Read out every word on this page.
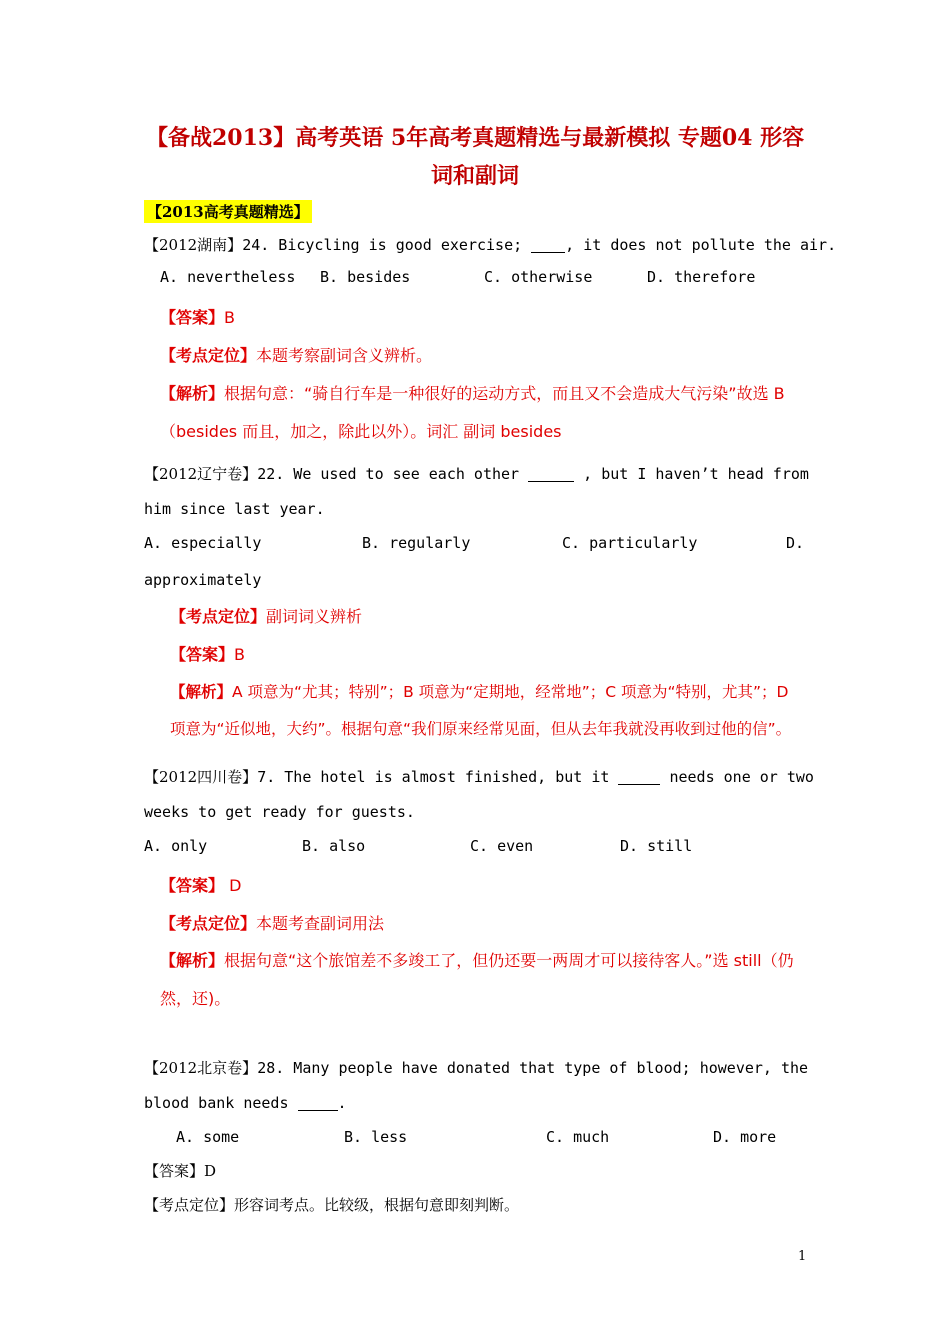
【备战2013】高考英语 5年高考真题精选与最新模拟 专题04 形容
词和副词
【2013高考真题精选】
【2012湖南】24. Bicycling is good exercise; , it does not pollute the air.
A. nevertheless B. besides	C. otherwise	D. therefore
【答案】B
【考点定位】本题考察副词含义辨析。
【解析】根据句意：“骑自行车是一种很好的运动方式，而且又不会造成大气污染”故选 B
（besides 而且，加之，除此以外）。词汇 副词 besides
【2012辽宁卷】22. We used to see each other	, but I haven’t head from
him since last year.
A. especially	B. regularly	C. particularly	D.
approximately
【考点定位】副词词义辨析
【答案】B
【解析】A 项意为“尤其；特别”；B 项意为“定期地，经常地”；C 项意为“特别，尤其”；D
项意为“近似地，大约”。根据句意“我们原来经常见面，但从去年我就没再收到过他的信”。
【2012四川卷】7. The hotel is almost finished, but it	needs one or two
weeks to get ready for guests.
A. only	B. also	C. even	D. still
【答案】 D
【考点定位】本题考查副词用法
【解析】根据句意“这个旅馆差不多竣工了，但仍还要一两周才可以接待客人。”选 still（仍
然，还)。
【2012北京卷】28. Many people have donated that type of blood; however, the
blood bank needs	.
A. some	B. less	C. much	D. more
【答案】D
【考点定位】形容词考点。比较级，根据句意即刻判断。
1
